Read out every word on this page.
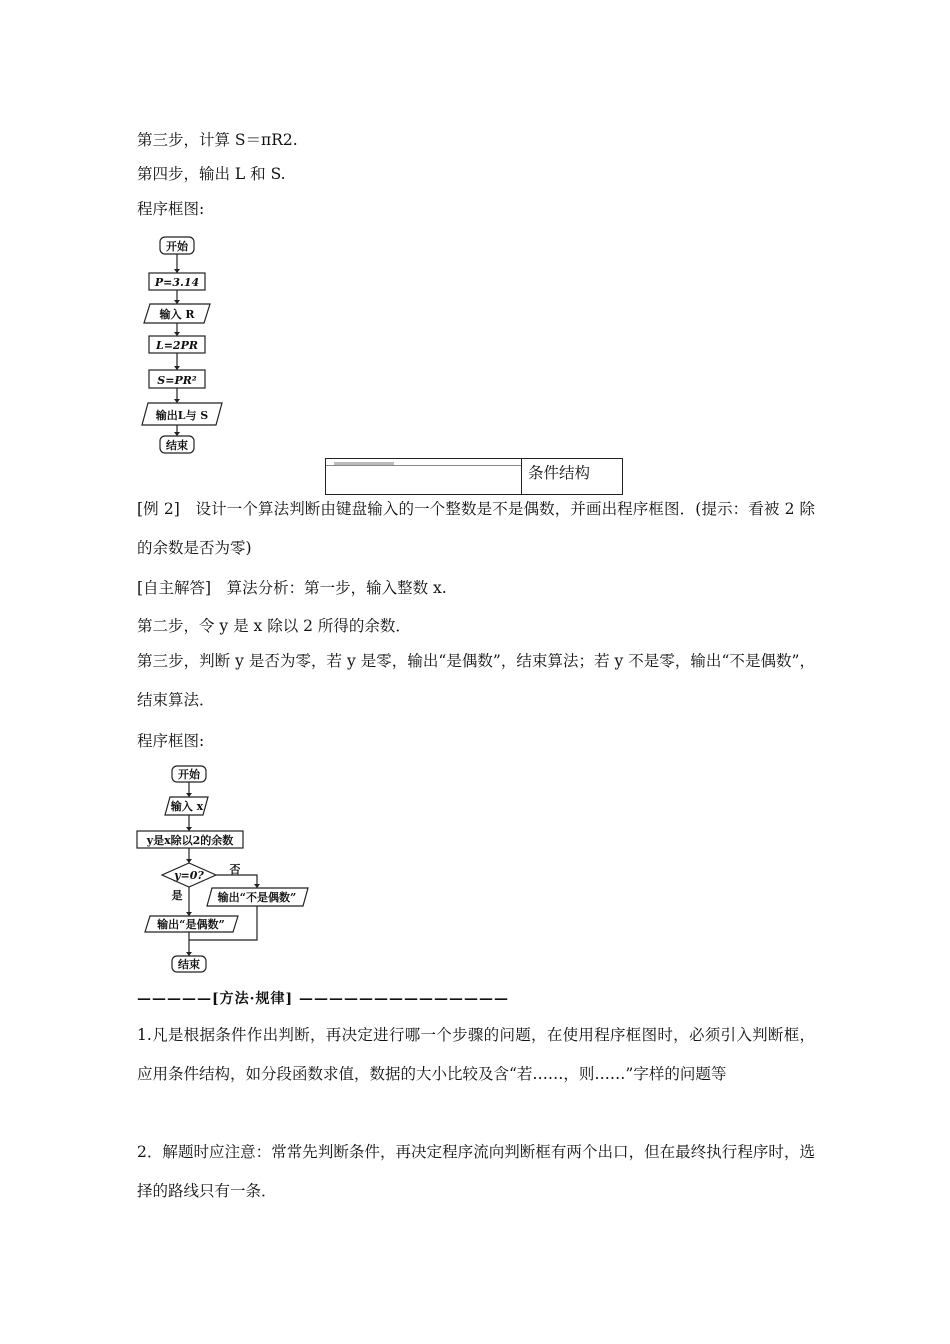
第三步，计算 S＝πR2.
第四步，输出 L 和 S.
程序框图:
开始
P=3.14
输入 R
L=2PR
S=PR²
输出L与 S
结束
条件结构
[例 2]　设计一个算法判断由键盘输入的一个整数是不是偶数，并画出程序框图．(提示：看被 2 除的余数是否为零)
[自主解答]　算法分析：第一步，输入整数 x.
第二步，令 y 是 x 除以 2 所得的余数．
第三步，判断 y 是否为零，若 y 是零，输出“是偶数”，结束算法；若 y 不是零，输出“不是偶数”，结束算法．
程序框图:
开始
输入 x
y是x除以2的余数
y=0? 否
是	输出“不是偶数”
输出“是偶数”
结束
—————[方法·规律] ——————————————
1.凡是根据条件作出判断，再决定进行哪一个步骤的问题，在使用程序框图时，必须引入判断框，应用条件结构，如分段函数求值，数据的大小比较及含“若……，则……”字样的问题等
2．解题时应注意：常常先判断条件，再决定程序流向判断框有两个出口，但在最终执行程序时，选择的路线只有一条．
